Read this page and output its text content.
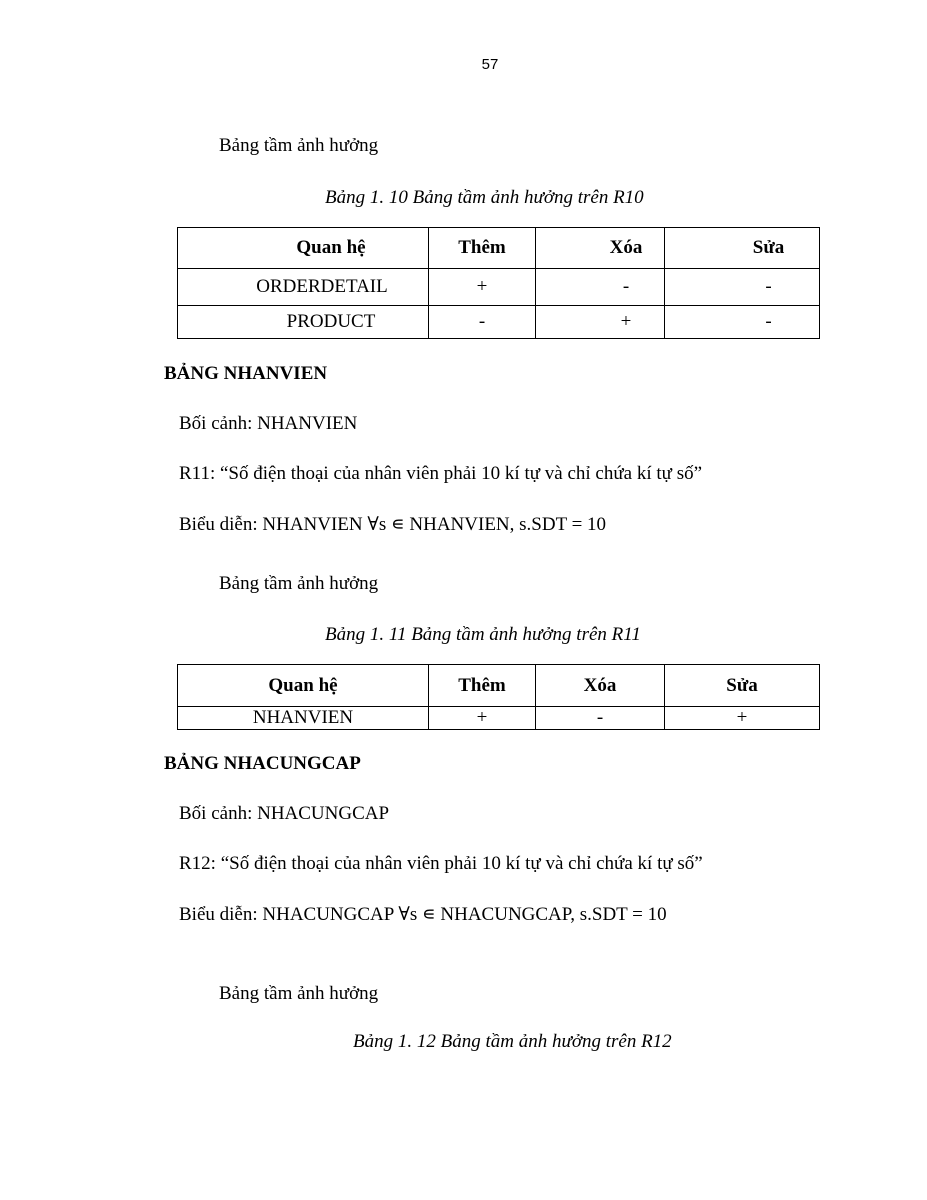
57
Bảng tầm ảnh hưởng
Bảng 1. 10 Bảng tầm ảnh hưởng trên R10
Quan hệ	Thêm	Xóa	Sửa
ORDERDETAIL	+	-	-
PRODUCT	-	+	-
BẢNG NHANVIEN
Bối cảnh: NHANVIEN
R11: “Số điện thoại của nhân viên phải 10 kí tự và chỉ chứa kí tự số”
Biểu diễn: NHANVIEN ∀s ∊ NHANVIEN, s.SDT = 10
Bảng tầm ảnh hưởng
Bảng 1. 11 Bảng tầm ảnh hưởng trên R11
Quan hệ	Thêm	Xóa	Sửa
NHANVIEN	+	-	+
BẢNG NHACUNGCAP
Bối cảnh: NHACUNGCAP
R12: “Số điện thoại của nhân viên phải 10 kí tự và chỉ chứa kí tự số”
Biểu diễn: NHACUNGCAP ∀s ∊ NHACUNGCAP, s.SDT = 10
Bảng tầm ảnh hưởng
Bảng 1. 12 Bảng tầm ảnh hưởng trên R12
